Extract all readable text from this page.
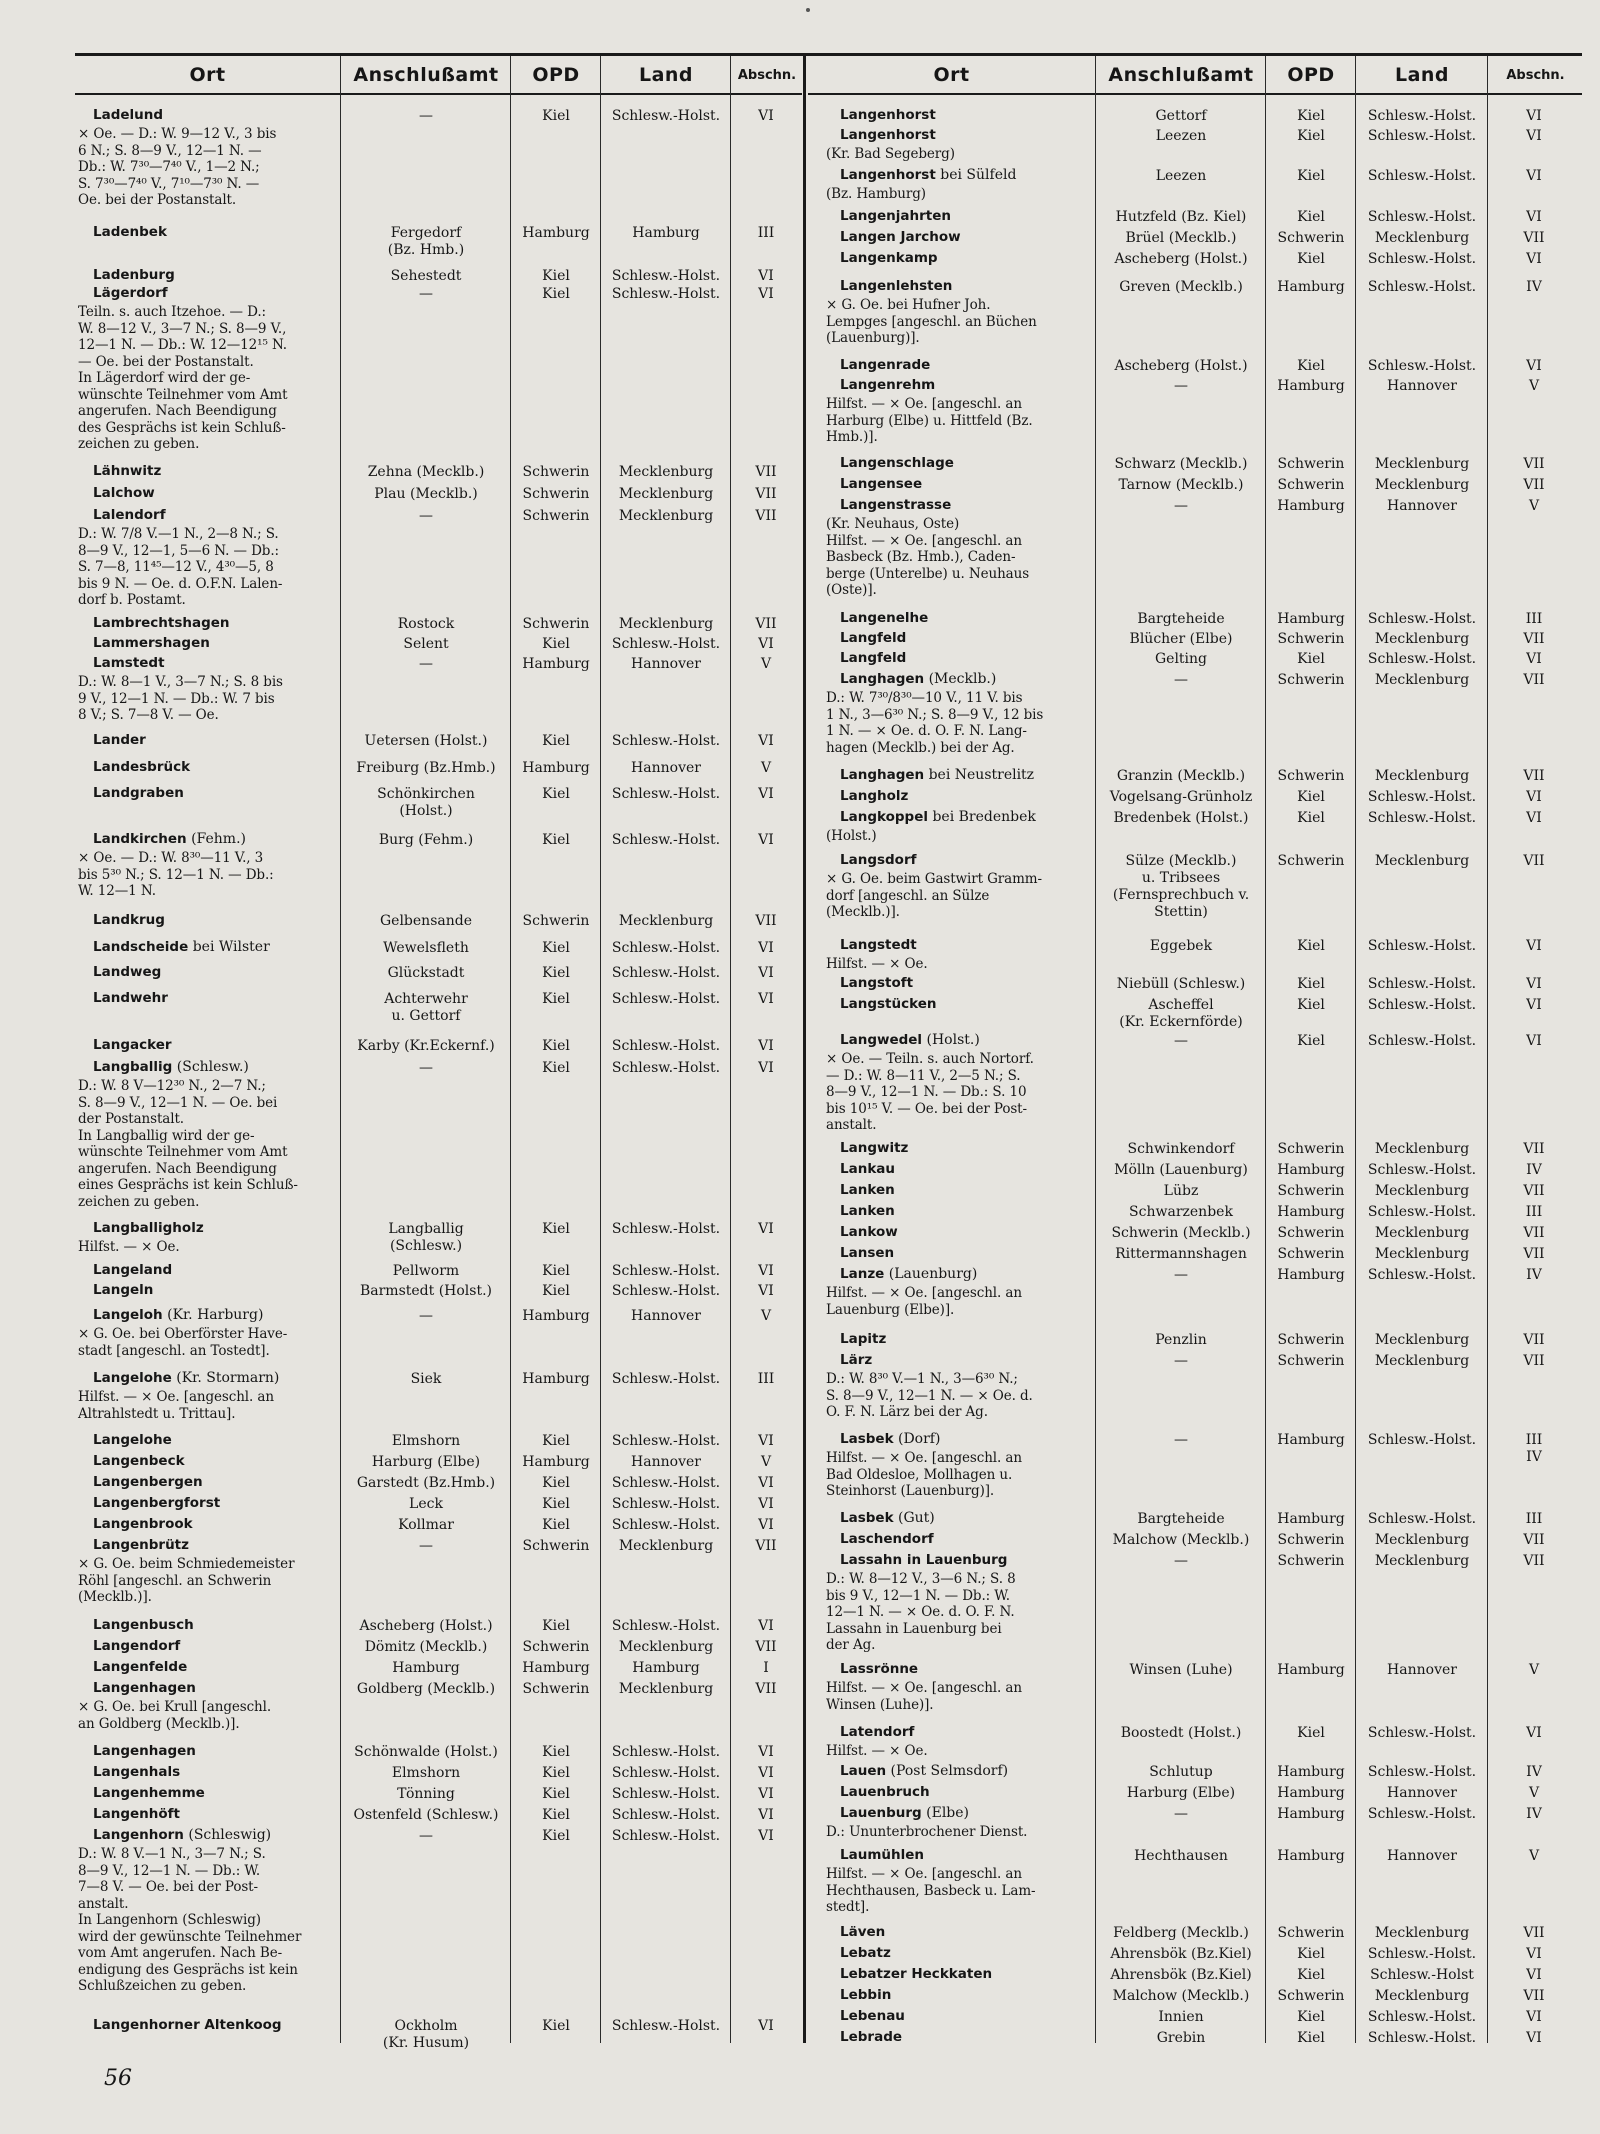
Ort	Anschlußamt	OPD	Land	Abschn.	Ort	Anschlußamt	OPD	Land	Abschn.
Ladelund
× Oe. — D.: W. 9—12 V., 3 bis
6 N.; S. 8—9 V., 12—1 N. —
Db.: W. 7³⁰—7⁴⁰ V., 1—2 N.;
S. 7³⁰—7⁴⁰ V., 7¹⁰—7³⁰ N. —
Oe. bei der Postanstalt.
—	Kiel	Schlesw.-Holst.	VI
Ladenbek	Fergedorf
(Bz. Hmb.)
Hamburg	Hamburg	III
Ladenburg	Sehestedt	Kiel	Schlesw.-Holst.	VI
Lägerdorf
Teiln. s. auch Itzehoe. — D.:
W. 8—12 V., 3—7 N.; S. 8—9 V.,
12—1 N. — Db.: W. 12—12¹⁵ N.
— Oe. bei der Postanstalt.
In Lägerdorf wird der ge-
wünschte Teilnehmer vom Amt
angerufen. Nach Beendigung
des Gesprächs ist kein Schluß-
zeichen zu geben.
—	Kiel	Schlesw.-Holst.	VI
Lähnwitz	Zehna (Mecklb.)	Schwerin	Mecklenburg	VII
Lalchow	Plau (Mecklb.)	Schwerin	Mecklenburg	VII
Lalendorf
D.: W. 7/8 V.—1 N., 2—8 N.; S.
8—9 V., 12—1, 5—6 N. — Db.:
S. 7—8, 11⁴⁵—12 V., 4³⁰—5, 8
bis 9 N. — Oe. d. O.F.N. Lalen-
dorf b. Postamt.
—	Schwerin	Mecklenburg	VII
Lambrechtshagen	Rostock	Schwerin	Mecklenburg	VII
Lammershagen	Selent	Kiel	Schlesw.-Holst.	VI
Lamstedt
D.: W. 8—1 V., 3—7 N.; S. 8 bis
9 V., 12—1 N. — Db.: W. 7 bis
8 V.; S. 7—8 V. — Oe.
—	Hamburg	Hannover	V
Lander	Uetersen (Holst.)	Kiel	Schlesw.-Holst.	VI
Landesbrück	Freiburg (Bz.Hmb.)	Hamburg	Hannover	V
Landgraben	Schönkirchen
(Holst.)
Kiel	Schlesw.-Holst.	VI
Landkirchen (Fehm.)
× Oe. — D.: W. 8³⁰—11 V., 3
bis 5³⁰ N.; S. 12—1 N. — Db.:
W. 12—1 N.
Burg (Fehm.)	Kiel	Schlesw.-Holst.	VI
Landkrug	Gelbensande	Schwerin	Mecklenburg	VII
Landscheide bei Wilster	Wewelsfleth	Kiel	Schlesw.-Holst.	VI
Landweg	Glückstadt	Kiel	Schlesw.-Holst.	VI
Landwehr	Achterwehr
u. Gettorf
Kiel	Schlesw.-Holst.	VI
Langacker	Karby (Kr.Eckernf.)	Kiel	Schlesw.-Holst.	VI
Langballig (Schlesw.)
D.: W. 8 V—12³⁰ N., 2—7 N.;
S. 8—9 V., 12—1 N. — Oe. bei
der Postanstalt.
In Langballig wird der ge-
wünschte Teilnehmer vom Amt
angerufen. Nach Beendigung
eines Gesprächs ist kein Schluß-
zeichen zu geben.
—	Kiel	Schlesw.-Holst.	VI
Langballigholz
Hilfst. — × Oe.
Langballig
(Schlesw.)
Kiel	Schlesw.-Holst.	VI
Langeland	Pellworm	Kiel	Schlesw.-Holst.	VI
Langeln	Barmstedt (Holst.)	Kiel	Schlesw.-Holst.	VI
Langeloh (Kr. Harburg)
× G. Oe. bei Oberförster Have-
stadt [angeschl. an Tostedt].
—	Hamburg	Hannover	V
Langelohe (Kr. Stormarn)
Hilfst. — × Oe. [angeschl. an
Altrahlstedt u. Trittau].
Siek	Hamburg	Schlesw.-Holst.	III
Langelohe	Elmshorn	Kiel	Schlesw.-Holst.	VI
Langenbeck	Harburg (Elbe)	Hamburg	Hannover	V
Langenbergen	Garstedt (Bz.Hmb.)	Kiel	Schlesw.-Holst.	VI
Langenbergforst	Leck	Kiel	Schlesw.-Holst.	VI
Langenbrook	Kollmar	Kiel	Schlesw.-Holst.	VI
Langenbrütz
× G. Oe. beim Schmiedemeister
Röhl [angeschl. an Schwerin
(Mecklb.)].
—	Schwerin	Mecklenburg	VII
Langenbusch	Ascheberg (Holst.)	Kiel	Schlesw.-Holst.	VI
Langendorf	Dömitz (Mecklb.)	Schwerin	Mecklenburg	VII
Langenfelde	Hamburg	Hamburg	Hamburg	I
Langenhagen
× G. Oe. bei Krull [angeschl.
an Goldberg (Mecklb.)].
Goldberg (Mecklb.)	Schwerin	Mecklenburg	VII
Langenhagen	Schönwalde (Holst.)	Kiel	Schlesw.-Holst.	VI
Langenhals	Elmshorn	Kiel	Schlesw.-Holst.	VI
Langenhemme	Tönning	Kiel	Schlesw.-Holst.	VI
Langenhöft	Ostenfeld (Schlesw.)	Kiel	Schlesw.-Holst.	VI
Langenhorn (Schleswig)
D.: W. 8 V.—1 N., 3—7 N.; S.
8—9 V., 12—1 N. — Db.: W.
7—8 V. — Oe. bei der Post-
anstalt.
In Langenhorn (Schleswig)
wird der gewünschte Teilnehmer
vom Amt angerufen. Nach Be-
endigung des Gesprächs ist kein
Schlußzeichen zu geben.
—	Kiel	Schlesw.-Holst.	VI
Langenhorner Altenkoog	Ockholm
(Kr. Husum)
Kiel	Schlesw.-Holst.	VI
Langenhorst	Gettorf	Kiel	Schlesw.-Holst.	VI
Langenhorst
(Kr. Bad Segeberg)
Leezen	Kiel	Schlesw.-Holst.	VI
Langenhorst bei Sülfeld
(Bz. Hamburg)
Leezen	Kiel	Schlesw.-Holst.	VI
Langenjahrten	Hutzfeld (Bz. Kiel)	Kiel	Schlesw.-Holst.	VI
Langen Jarchow	Brüel (Mecklb.)	Schwerin	Mecklenburg	VII
Langenkamp	Ascheberg (Holst.)	Kiel	Schlesw.-Holst.	VI
Langenlehsten
× G. Oe. bei Hufner Joh.
Lempges [angeschl. an Büchen
(Lauenburg)].
Greven (Mecklb.)	Hamburg	Schlesw.-Holst.	IV
Langenrade	Ascheberg (Holst.)	Kiel	Schlesw.-Holst.	VI
Langenrehm
Hilfst. — × Oe. [angeschl. an
Harburg (Elbe) u. Hittfeld (Bz.
Hmb.)].
—	Hamburg	Hannover	V
Langenschlage	Schwarz (Mecklb.)	Schwerin	Mecklenburg	VII
Langensee	Tarnow (Mecklb.)	Schwerin	Mecklenburg	VII
Langenstrasse
(Kr. Neuhaus, Oste)
Hilfst. — × Oe. [angeschl. an
Basbeck (Bz. Hmb.), Caden-
berge (Unterelbe) u. Neuhaus
(Oste)].
—	Hamburg	Hannover	V
Langenelhe	Bargteheide	Hamburg	Schlesw.-Holst.	III
Langfeld	Blücher (Elbe)	Schwerin	Mecklenburg	VII
Langfeld	Gelting	Kiel	Schlesw.-Holst.	VI
Langhagen (Mecklb.)
D.: W. 7³⁰/8³⁰—10 V., 11 V. bis
1 N., 3—6³⁰ N.; S. 8—9 V., 12 bis
1 N. — × Oe. d. O. F. N. Lang-
hagen (Mecklb.) bei der Ag.
—	Schwerin	Mecklenburg	VII
Langhagen bei Neustrelitz	Granzin (Mecklb.)	Schwerin	Mecklenburg	VII
Langholz	Vogelsang-Grünholz	Kiel	Schlesw.-Holst.	VI
Langkoppel bei Bredenbek
(Holst.)
Bredenbek (Holst.)	Kiel	Schlesw.-Holst.	VI
Langsdorf
× G. Oe. beim Gastwirt Gramm-
dorf [angeschl. an Sülze
(Mecklb.)].
Sülze (Mecklb.)
u. Tribsees
(Fernsprechbuch v.
Stettin)
Schwerin	Mecklenburg	VII
Langstedt
Hilfst. — × Oe.
Eggebek	Kiel	Schlesw.-Holst.	VI
Langstoft	Niebüll (Schlesw.)	Kiel	Schlesw.-Holst.	VI
Langstücken	Ascheffel
(Kr. Eckernförde)
Kiel	Schlesw.-Holst.	VI
Langwedel (Holst.)
× Oe. — Teiln. s. auch Nortorf.
— D.: W. 8—11 V., 2—5 N.; S.
8—9 V., 12—1 N. — Db.: S. 10
bis 10¹⁵ V. — Oe. bei der Post-
anstalt.
—	Kiel	Schlesw.-Holst.	VI
Langwitz	Schwinkendorf	Schwerin	Mecklenburg	VII
Lankau	Mölln (Lauenburg)	Hamburg	Schlesw.-Holst.	IV
Lanken	Lübz	Schwerin	Mecklenburg	VII
Lanken	Schwarzenbek	Hamburg	Schlesw.-Holst.	III
Lankow	Schwerin (Mecklb.)	Schwerin	Mecklenburg	VII
Lansen	Rittermannshagen	Schwerin	Mecklenburg	VII
Lanze (Lauenburg)
Hilfst. — × Oe. [angeschl. an
Lauenburg (Elbe)].
—	Hamburg	Schlesw.-Holst.	IV
Lapitz	Penzlin	Schwerin	Mecklenburg	VII
Lärz
D.: W. 8³⁰ V.—1 N., 3—6³⁰ N.;
S. 8—9 V., 12—1 N. — × Oe. d.
O. F. N. Lärz bei der Ag.
—	Schwerin	Mecklenburg	VII
Lasbek (Dorf)
Hilfst. — × Oe. [angeschl. an
Bad Oldesloe, Mollhagen u.
Steinhorst (Lauenburg)].
—	Hamburg	Schlesw.-Holst.	III
IV
Lasbek (Gut)	Bargteheide	Hamburg	Schlesw.-Holst.	III
Laschendorf	Malchow (Mecklb.)	Schwerin	Mecklenburg	VII
Lassahn in Lauenburg
D.: W. 8—12 V., 3—6 N.; S. 8
bis 9 V., 12—1 N. — Db.: W.
12—1 N. — × Oe. d. O. F. N.
Lassahn in Lauenburg bei
der Ag.
—	Schwerin	Mecklenburg	VII
Lassrönne
Hilfst. — × Oe. [angeschl. an
Winsen (Luhe)].
Winsen (Luhe)	Hamburg	Hannover	V
Latendorf
Hilfst. — × Oe.
Boostedt (Holst.)	Kiel	Schlesw.-Holst.	VI
Lauen (Post Selmsdorf)	Schlutup	Hamburg	Schlesw.-Holst.	IV
Lauenbruch	Harburg (Elbe)	Hamburg	Hannover	V
Lauenburg (Elbe)
D.: Ununterbrochener Dienst.
—	Hamburg	Schlesw.-Holst.	IV
Laumühlen
Hilfst. — × Oe. [angeschl. an
Hechthausen, Basbeck u. Lam-
stedt].
Hechthausen	Hamburg	Hannover	V
Läven	Feldberg (Mecklb.)	Schwerin	Mecklenburg	VII
Lebatz	Ahrensbök (Bz.Kiel)	Kiel	Schlesw.-Holst.	VI
Lebatzer Heckkaten	Ahrensbök (Bz.Kiel)	Kiel	Schlesw.-Holst	VI
Lebbin	Malchow (Mecklb.)	Schwerin	Mecklenburg	VII
Lebenau	Innien	Kiel	Schlesw.-Holst.	VI
Lebrade	Grebin	Kiel	Schlesw.-Holst.	VI
56
